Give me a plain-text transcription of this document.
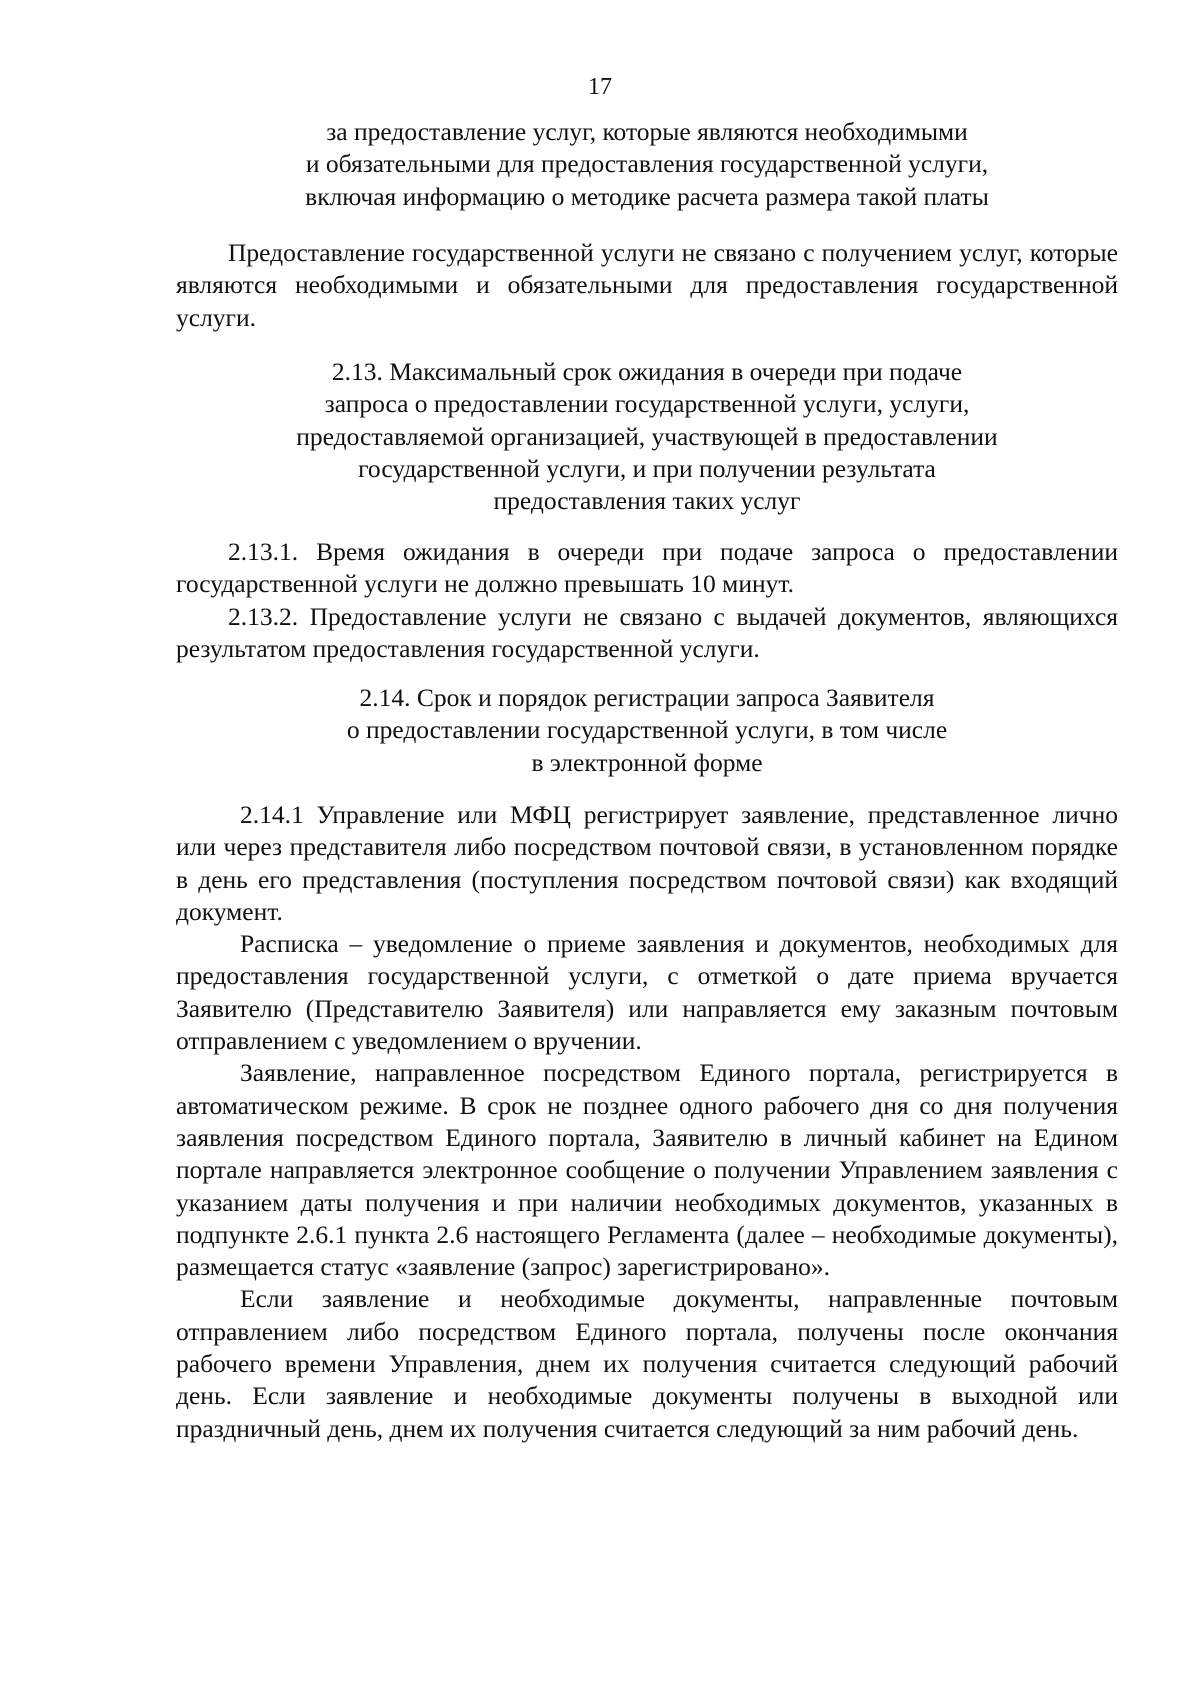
17
за предоставление услуг, которые являются необходимыми
и обязательными для предоставления государственной услуги,
включая информацию о методике расчета размера такой платы

Предоставление государственной услуги не связано с получением услуг, которые являются необходимыми и обязательными для предоставления государственной услуги.

2.13. Максимальный срок ожидания в очереди при подаче
запроса о предоставлении государственной услуги, услуги,
предоставляемой организацией, участвующей в предоставлении
государственной услуги, и при получении результата
предоставления таких услуг

2.13.1. Время ожидания в очереди при подаче запроса о предоставлении государственной услуги не должно превышать 10 минут.

2.13.2. Предоставление услуги не связано с выдачей документов, являющихся результатом предоставления государственной услуги.

2.14. Срок и порядок регистрации запроса Заявителя
о предоставлении государственной услуги, в том числе
в электронной форме

2.14.1 Управление или МФЦ регистрирует заявление, представленное лично или через представителя либо посредством почтовой связи, в установленном порядке в день его представления (поступления посредством почтовой связи) как входящий документ.

Расписка – уведомление о приеме заявления и документов, необходимых для предоставления государственной услуги, с отметкой о дате приема вручается Заявителю (Представителю Заявителя) или направляется ему заказным почтовым отправлением с уведомлением о вручении.

Заявление, направленное посредством Единого портала, регистрируется в автоматическом режиме. В срок не позднее одного рабочего дня со дня получения заявления посредством Единого портала, Заявителю в личный кабинет на Едином портале направляется электронное сообщение о получении Управлением заявления с указанием даты получения и при наличии необходимых документов, указанных в подпункте 2.6.1 пункта 2.6 настоящего Регламента (далее – необходимые документы), размещается статус «заявление (запрос) зарегистрировано».

Если заявление и необходимые документы, направленные почтовым отправлением либо посредством Единого портала, получены после окончания рабочего времени Управления, днем их получения считается следующий рабочий день. Если заявление и необходимые документы получены в выходной или праздничный день, днем их получения считается следующий за ним рабочий день.
